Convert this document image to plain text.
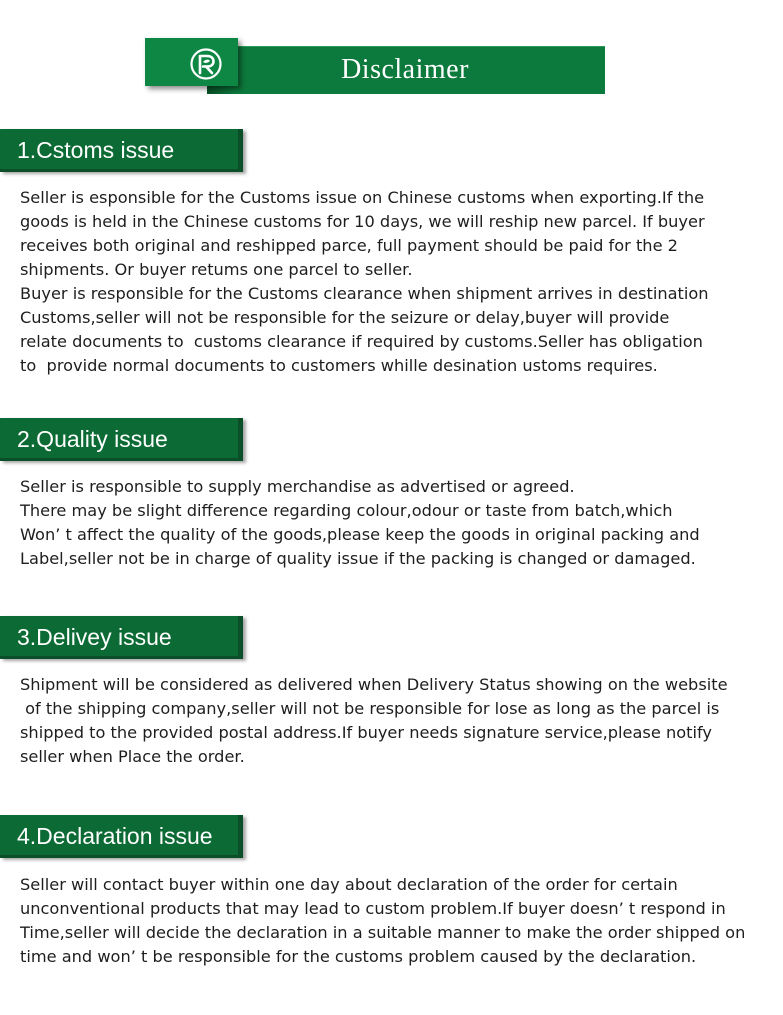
Disclaimer
1.Cstoms issue

Seller is esponsible for the Customs issue on Chinese customs when exporting.If the

goods is held in the Chinese customs for 10 days, we will reship new parcel. If buyer

receives both original and reshipped parce, full payment should be paid for the 2

shipments. Or buyer retums one parcel to seller.

Buyer is responsible for the Customs clearance when shipment arrives in destination

Customs,seller will not be responsible for the seizure or delay,buyer will provide

relate documents to  customs clearance if required by customs.Seller has obligation

to  provide normal documents to customers whille desination ustoms requires.

2.Quality issue

Seller is responsible to supply merchandise as advertised or agreed.

There may be slight difference regarding colour,odour or taste from batch,which

Won’ t affect the quality of the goods,please keep the goods in original packing and

Label,seller not be in charge of quality issue if the packing is changed or damaged.

3.Delivey issue

Shipment will be considered as delivered when Delivery Status showing on the website

of the shipping company,seller will not be responsible for lose as long as the parcel is

shipped to the provided postal address.If buyer needs signature service,please notify

seller when Place the order.

4.Declaration issue

Seller will contact buyer within one day about declaration of the order for certain

unconventional products that may lead to custom problem.If buyer doesn’ t respond in

Time,seller will decide the declaration in a suitable manner to make the order shipped on

time and won’ t be responsible for the customs problem caused by the declaration.
